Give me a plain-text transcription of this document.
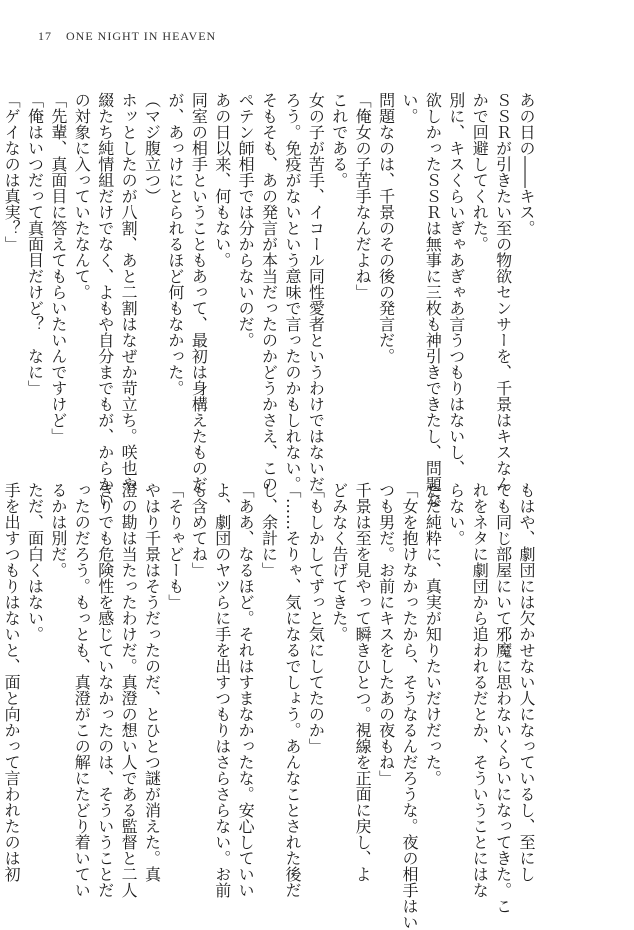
17 ONE NIGHT IN HEAVEN
あの日の――キス。
ＳＳＲが引きたい至の物欲センサーを、千景はキスなん
かで回避してくれた。
別に、キスくらいぎゃあぎゃあ言うつもりはないし、
欲しかったＳＳＲは無事に三枚も神引きできたし、問題な
い。
問題なのは、千景のその後の発言だ。
「俺女の子苦手なんだよね」
これである。
女の子が苦手、イコール同性愛者というわけではないだ
ろう。免疫がないという意味で言ったのかもしれない。
そもそも、あの発言が本当だったのかどうかさえ、この
ペテン師相手では分からないのだ。
あの日以来、何もない。
同室の相手ということもあって、最初は身構えたものだ
が、あっけにとられるほど何もなかった。
（マジ腹立つ）
ホッとしたのが八割、あと二割はなぜか苛立ち。咲也や
綴たち純情組だけでなく、よもや自分までもが、からかい
の対象に入っていたなんて。
「先輩、真面目に答えてもらいたいんですけど」
「俺はいつだって真面目だけど？　なに」
「ゲイなのは真実？」
もはや、劇団には欠かせない人になっているし、至にし
ても同じ部屋にいて邪魔に思わないくらいになってきた。こ
れをネタに劇団から追われるだとか、そういうことにはな
らない。
ただ純粋に、真実が知りたいだけだった。
「女を抱けなかったから、そうなるんだろうな。夜の相手はい
つも男だ。お前にキスをしたあの夜もね」
千景は至を見やって瞬きひとつ。視線を正面に戻し、よ
どみなく告げてきた。
「もしかしてずっと気にしてたのか」
「……そりゃ、気になるでしょう。あんなことされた後だ
し、余計に」
「ああ、なるほど。それはすまなかったな。安心していい
よ、劇団のヤツらに手を出すつもりはさらさらない。お前
も含めてね」
「そりゃどーも」
やはり千景はそうだったのだ、とひとつ謎が消えた。真
澄の勘は当たったわけだ。真澄の想い人である監督と二人
きりでも危険性を感じていなかったのは、そういうことだ
ったのだろう。もっとも、真澄がこの解にたどり着いてい
るかは別だ。
ただ、面白くはない。
手を出すつもりはないと、面と向かって言われたのは初
